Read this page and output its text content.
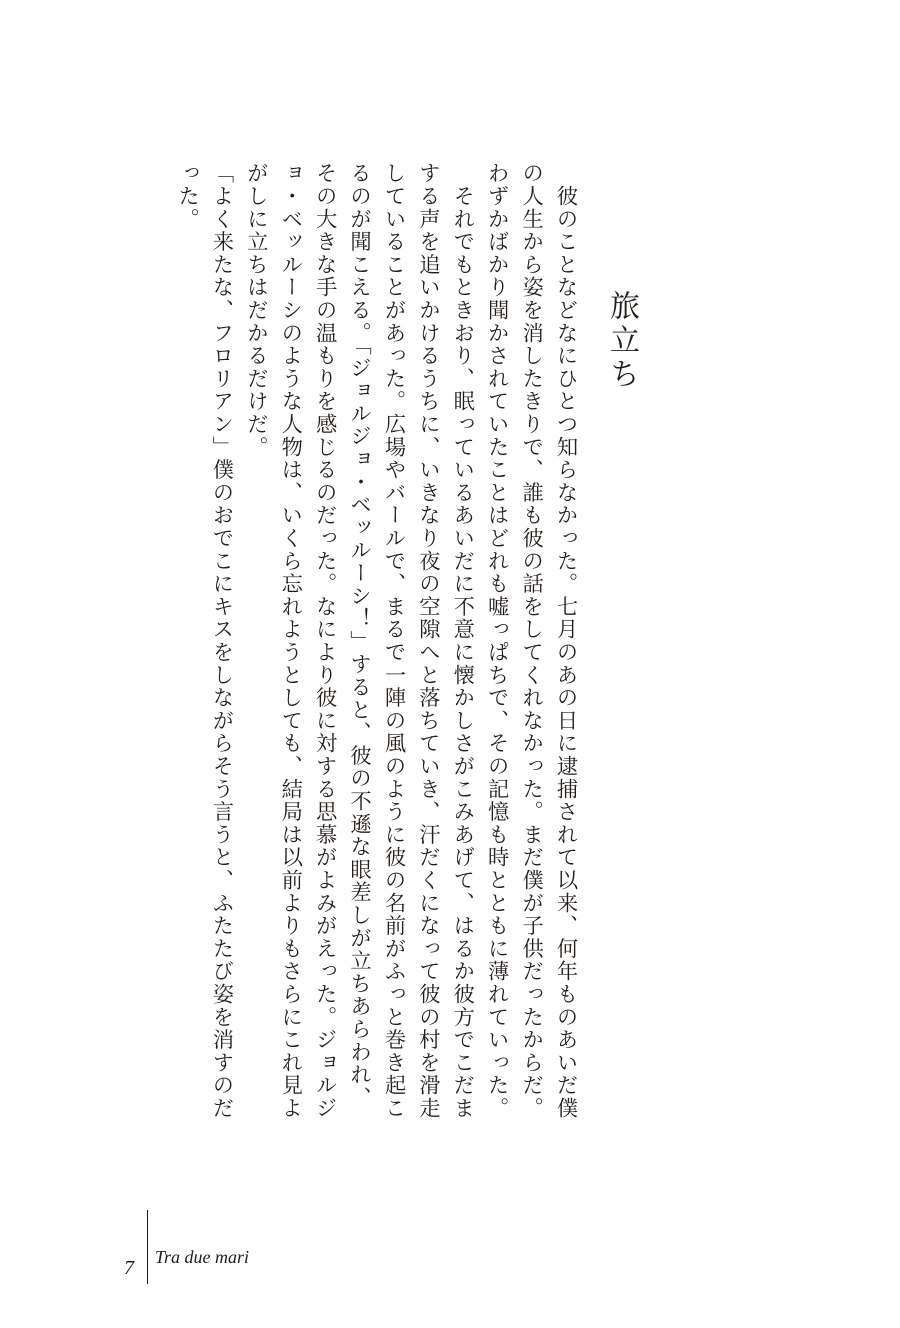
旅立ち

　彼のことなどなにひとつ知らなかった。七月のあの日に逮捕されて以来、何年ものあいだ僕の人生から姿を消したきりで、誰も彼の話をしてくれなかった。まだ僕が子供だったからだ。わずかばかり聞かされていたことはどれも嘘っぱちで、その記憶も時とともに薄れていった。

　それでもときおり、眠っているあいだに不意に懐かしさがこみあげて、はるか彼方でこだまする声を追いかけるうちに、いきなり夜の空隙へと落ちていき、汗だくになって彼の村を滑走していることがあった。広場やバールで、まるで一陣の風のように彼の名前がふっと巻き起こるのが聞こえる。「ジョルジョ・ベッルーシ！」すると、彼の不遜な眼差しが立ちあらわれ、その大きな手の温もりを感じるのだった。なにより彼に対する思慕がよみがえった。ジョルジョ・ベッルーシのような人物は、いくら忘れようとしても、結局は以前よりもさらにこれ見よがしに立ちはだかるだけだ。

「よく来たな、フロリアン」僕のおでこにキスをしながらそう言うと、ふたたび姿を消すのだった。

7 Tra due mari
